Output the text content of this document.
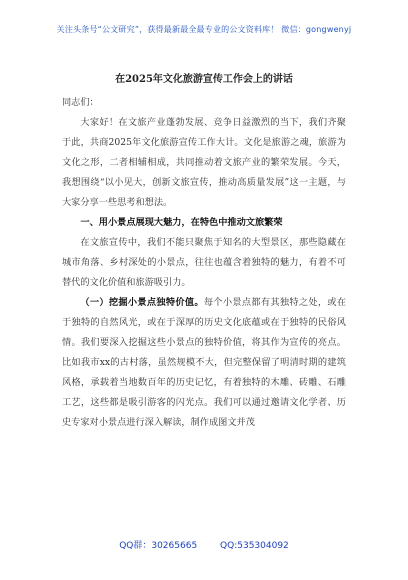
关注头条号“公文研究”，获得最新最全最专业的公文资料库！ 微信：gongwenyj
在2025年文化旅游宣传工作会上的讲话

同志们：

大家好！在文旅产业蓬勃发展、竞争日益激烈的当下，我们齐聚于此，共商2025年文化旅游宣传工作大计。文化是旅游之魂，旅游为文化之形，二者相辅相成，共同推动着文旅产业的繁荣发展。今天，我想围绕“以小见大，创新文旅宣传，推动高质量发展”这一主题，与大家分享一些思考和想法。

一、用小景点展现大魅力，在特色中推动文旅繁荣

在文旅宣传中，我们不能只聚焦于知名的大型景区，那些隐藏在城市角落、乡村深处的小景点，往往也蕴含着独特的魅力，有着不可替代的文化价值和旅游吸引力。

（一）挖掘小景点独特价值。每个小景点都有其独特之处，或在于独特的自然风光，或在于深厚的历史文化底蕴或在于独特的民俗风情。我们要深入挖掘这些小景点的独特价值，将其作为宣传的亮点。比如我市xx的古村落，虽然规模不大，但完整保留了明清时期的建筑风格，承载着当地数百年的历史记忆，有着独特的木雕、砖雕、石雕工艺，这些都是吸引游客的闪光点。我们可以通过邀请文化学者、历史专家对小景点进行深入解读，制作成图文并茂

QQ群：30265665	QQ:535304092
